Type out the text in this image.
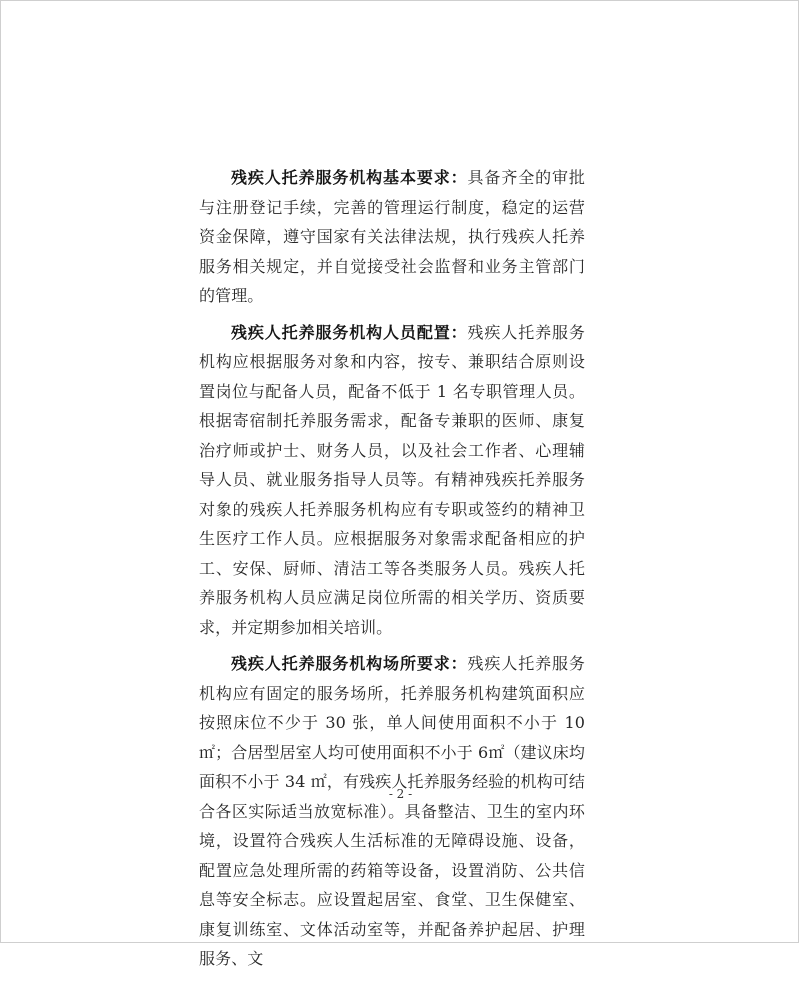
残疾人托养服务机构基本要求：具备齐全的审批与注册登记手续，完善的管理运行制度，稳定的运营资金保障，遵守国家有关法律法规，执行残疾人托养服务相关规定，并自觉接受社会监督和业务主管部门的管理。

残疾人托养服务机构人员配置：残疾人托养服务机构应根据服务对象和内容，按专、兼职结合原则设置岗位与配备人员，配备不低于 1 名专职管理人员。根据寄宿制托养服务需求，配备专兼职的医师、康复治疗师或护士、财务人员，以及社会工作者、心理辅导人员、就业服务指导人员等。有精神残疾托养服务对象的残疾人托养服务机构应有专职或签约的精神卫生医疗工作人员。应根据服务对象需求配备相应的护工、安保、厨师、清洁工等各类服务人员。残疾人托养服务机构人员应满足岗位所需的相关学历、资质要求，并定期参加相关培训。

残疾人托养服务机构场所要求：残疾人托养服务机构应有固定的服务场所，托养服务机构建筑面积应按照床位不少于 30 张，单人间使用面积不小于 10㎡；合居型居室人均可使用面积不小于 6㎡（建议床均面积不小于 34 ㎡，有残疾人托养服务经验的机构可结合各区实际适当放宽标准）。具备整洁、卫生的室内环境，设置符合残疾人生活标准的无障碍设施、设备，配置应急处理所需的药箱等设备，设置消防、公共信息等安全标志。应设置起居室、食堂、卫生保健室、康复训练室、文体活动室等，并配备养护起居、护理服务、文

- 2 -
